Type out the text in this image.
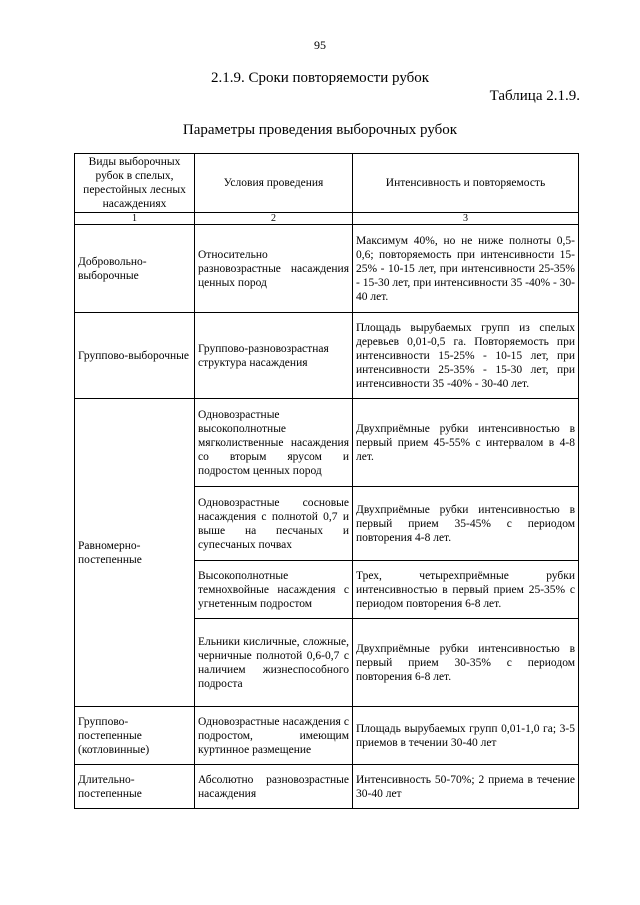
95
2.1.9. Сроки повторяемости рубок
Таблица 2.1.9.
Параметры проведения выборочных рубок
Виды выборочных рубок в спелых, перестойных лесных насаждениях	Условия проведения	Интенсивность и повторяемость
1	2	3
Добровольно-выборочные	Относительно разновозрастные насаждения ценных пород	Максимум 40%, но не ниже полноты 0,5-0,6; повторяемость при интенсивности 15-25% - 10-15 лет, при интенсивности 25-35% - 15-30 лет, при интенсивности 35 -40% - 30-40 лет.
Группово-выборочные	Группово-разновозрастная структура насаждения	Площадь вырубаемых групп из спелых деревьев 0,01-0,5 га. Повторяемость при интенсивности 15-25% - 10-15 лет, при интенсивности 25-35% - 15-30 лет, при интенсивности 35 -40% - 30-40 лет.
Равномерно-постепенные	Одновозрастные высокополнотные мягколиственные насаждения со вторым ярусом и подростом ценных пород	Двухприёмные рубки интенсивностью в первый прием 45-55% с интервалом в 4-8 лет.
	Одновозрастные сосновые насаждения с полнотой 0,7 и выше на песчаных и супесчаных почвах	Двухприёмные рубки интенсивностью в первый прием 35-45% с периодом повторения 4-8 лет.
	Высокополнотные темнохвойные насаждения с угнетенным подростом	Трех, четырехприёмные рубки интенсивностью в первый прием 25-35% с периодом повторения 6-8 лет.
	Ельники кисличные, сложные, черничные полнотой 0,6-0,7 с наличием жизнеспособного подроста	Двухприёмные рубки интенсивностью в первый прием 30-35% с периодом повторения 6-8 лет.
Группово-постепенные (котловинные)	Одновозрастные насаждения с подростом, имеющим куртинное размещение	Площадь вырубаемых групп 0,01-1,0 га; 3-5 приемов в течении 30-40 лет
Длительно-постепенные	Абсолютно разновозрастные насаждения	Интенсивность 50-70%; 2 приема в течение 30-40 лет
